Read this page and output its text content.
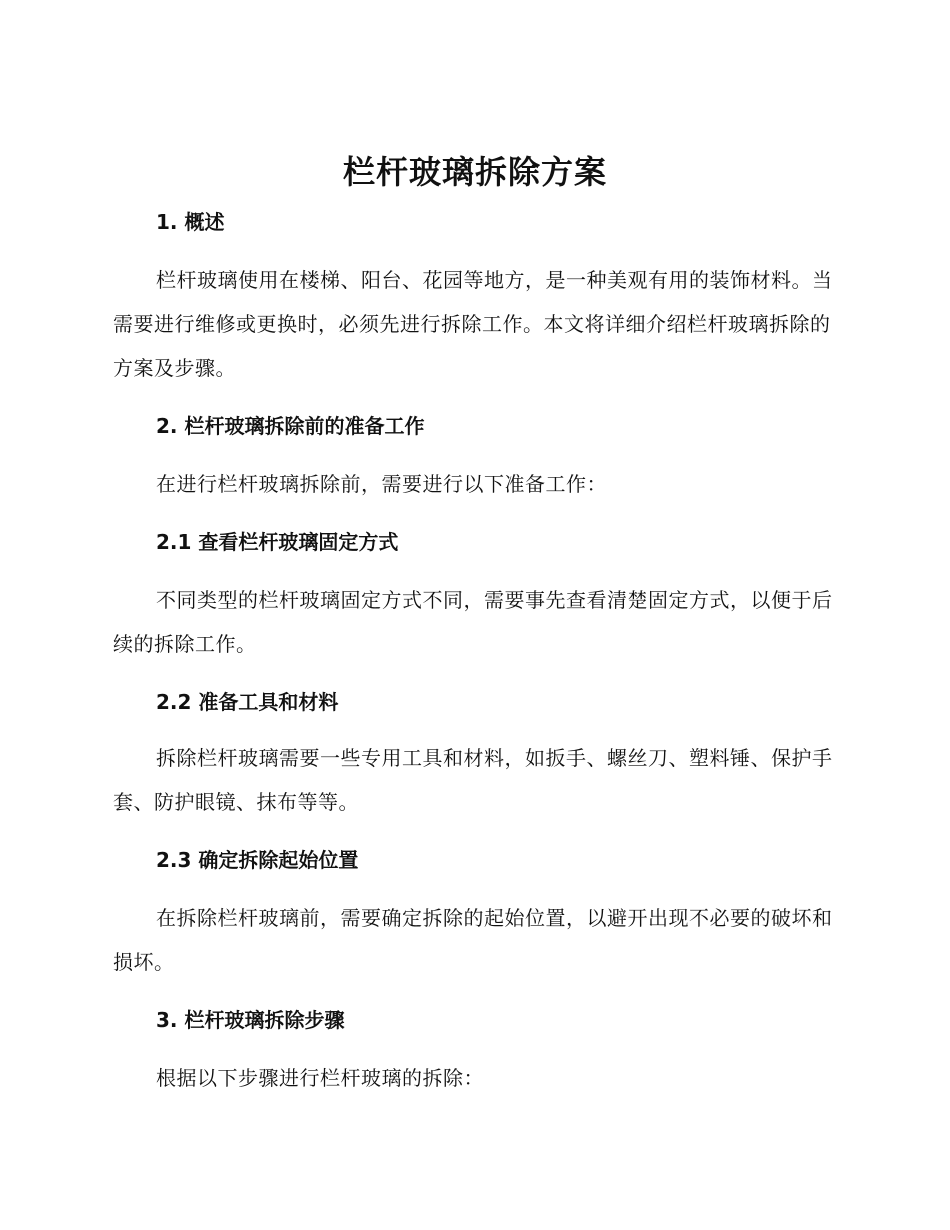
栏杆玻璃拆除方案
1. 概述

栏杆玻璃使用在楼梯、阳台、花园等地方，是一种美观有用的装饰材料。当需要进行维修或更换时，必须先进行拆除工作。本文将详细介绍栏杆玻璃拆除的方案及步骤。

2. 栏杆玻璃拆除前的准备工作

在进行栏杆玻璃拆除前，需要进行以下准备工作：

2.1 查看栏杆玻璃固定方式

不同类型的栏杆玻璃固定方式不同，需要事先查看清楚固定方式，以便于后续的拆除工作。

2.2 准备工具和材料

拆除栏杆玻璃需要一些专用工具和材料，如扳手、螺丝刀、塑料锤、保护手套、防护眼镜、抹布等等。

2.3 确定拆除起始位置

在拆除栏杆玻璃前，需要确定拆除的起始位置，以避开出现不必要的破坏和损坏。

3. 栏杆玻璃拆除步骤

根据以下步骤进行栏杆玻璃的拆除：
